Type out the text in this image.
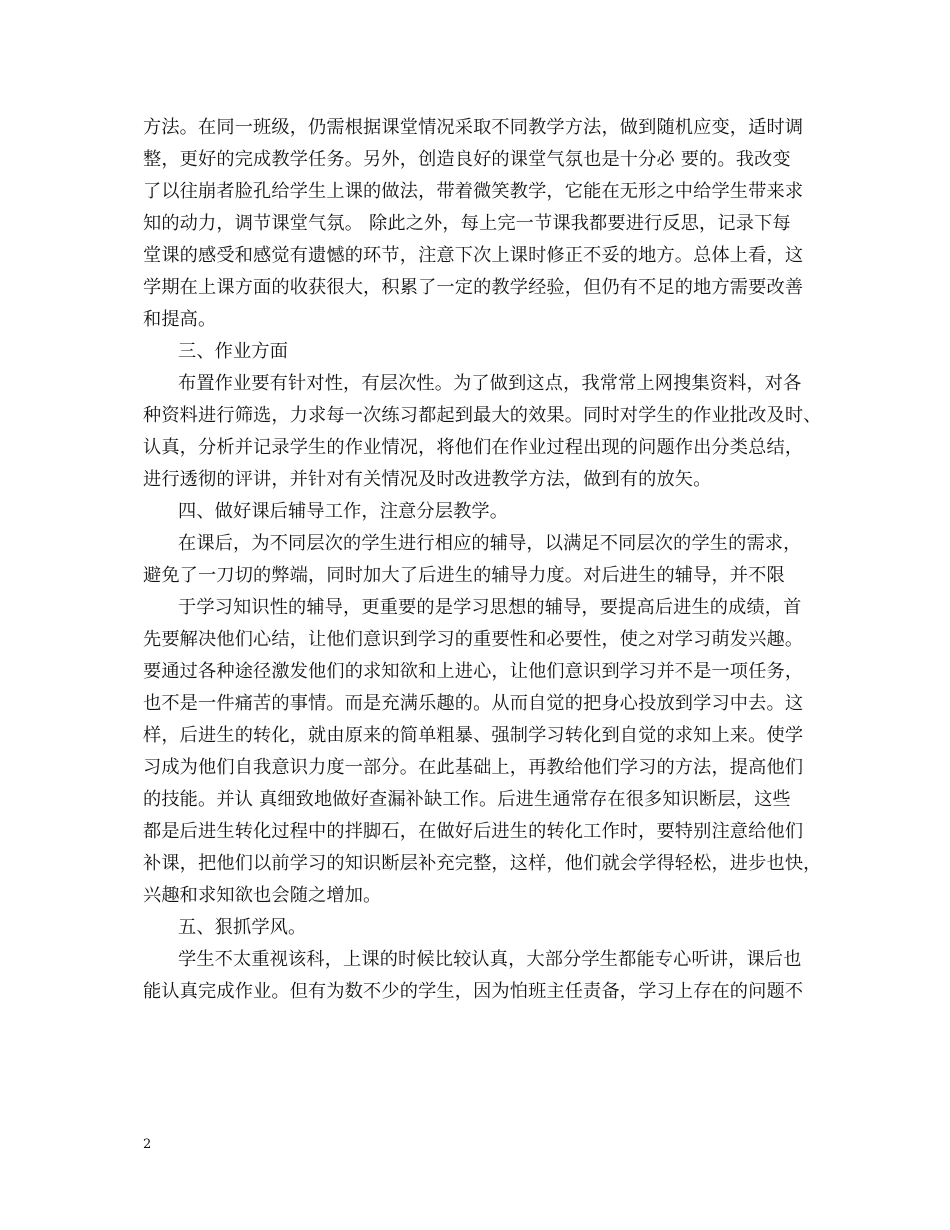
方法。在同一班级，仍需根据课堂情况采取不同教学方法，做到随机应变，适时调
整，更好的完成教学任务。另外，创造良好的课堂气氛也是十分必 要的。我改变
了以往崩者脸孔给学生上课的做法，带着微笑教学，它能在无形之中给学生带来求
知的动力，调节课堂气氛。 除此之外，每上完一节课我都要进行反思，记录下每
堂课的感受和感觉有遗憾的环节，注意下次上课时修正不妥的地方。总体上看，这
学期在上课方面的收获很大，积累了一定的教学经验，但仍有不足的地方需要改善
和提高。
三、作业方面
布置作业要有针对性，有层次性。为了做到这点，我常常上网搜集资料，对各
种资料进行筛选，力求每一次练习都起到最大的效果。同时对学生的作业批改及时、
认真，分析并记录学生的作业情况，将他们在作业过程出现的问题作出分类总结，
进行透彻的评讲，并针对有关情况及时改进教学方法，做到有的放矢。
四、做好课后辅导工作，注意分层教学。
在课后，为不同层次的学生进行相应的辅导，以满足不同层次的学生的需求，
避免了一刀切的弊端，同时加大了后进生的辅导力度。对后进生的辅导，并不限
于学习知识性的辅导，更重要的是学习思想的辅导，要提高后进生的成绩，首
先要解决他们心结，让他们意识到学习的重要性和必要性，使之对学习萌发兴趣。
要通过各种途径激发他们的求知欲和上进心，让他们意识到学习并不是一项任务，
也不是一件痛苦的事情。而是充满乐趣的。从而自觉的把身心投放到学习中去。这
样，后进生的转化，就由原来的简单粗暴、强制学习转化到自觉的求知上来。使学
习成为他们自我意识力度一部分。在此基础上，再教给他们学习的方法，提高他们
的技能。并认 真细致地做好查漏补缺工作。后进生通常存在很多知识断层，这些
都是后进生转化过程中的拌脚石，在做好后进生的转化工作时，要特别注意给他们
补课，把他们以前学习的知识断层补充完整，这样，他们就会学得轻松，进步也快，
兴趣和求知欲也会随之增加。
五、狠抓学风。
学生不太重视该科，上课的时候比较认真，大部分学生都能专心听讲，课后也
能认真完成作业。但有为数不少的学生，因为怕班主任责备，学习上存在的问题不
2
